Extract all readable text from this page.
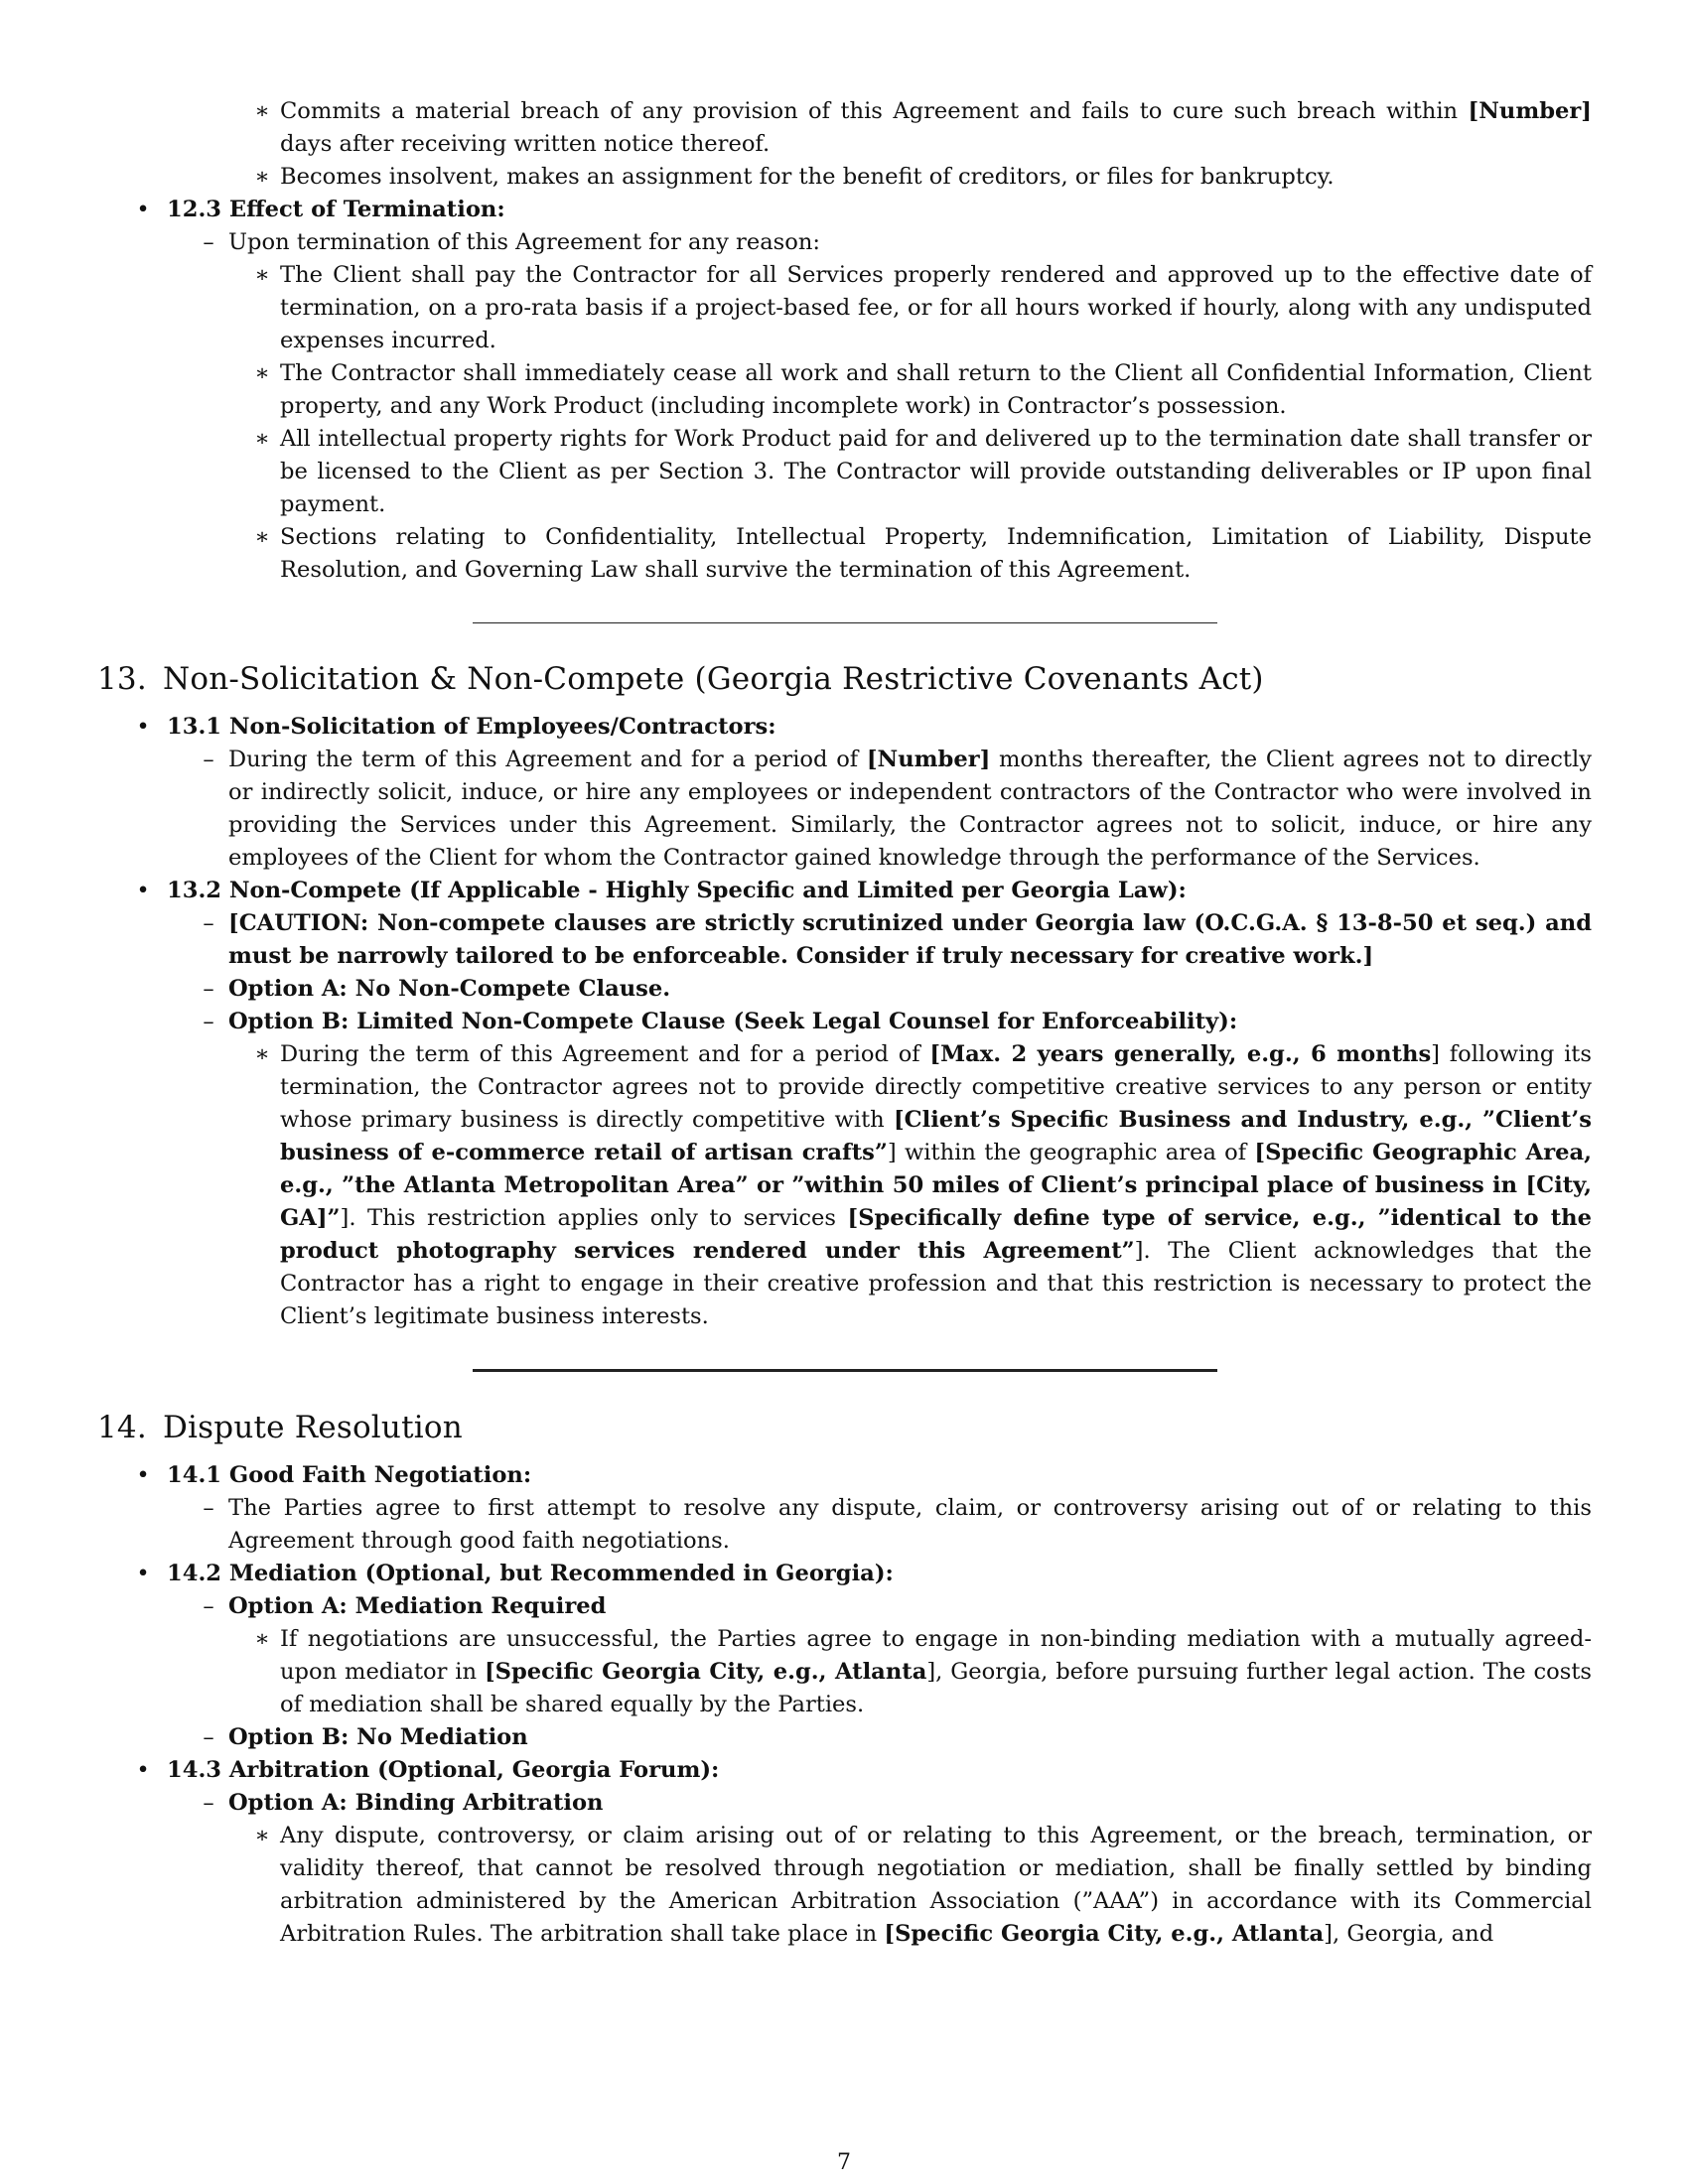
∗ Commits a material breach of any provision of this Agreement and fails to cure such breach within [Number] days after receiving written notice thereof.
∗ Becomes insolvent, makes an assignment for the benefit of creditors, or files for bankruptcy.
• 12.3 Effect of Termination:
– Upon termination of this Agreement for any reason:
∗ The Client shall pay the Contractor for all Services properly rendered and approved up to the effective date of termination, on a pro-rata basis if a project-based fee, or for all hours worked if hourly, along with any undisputed expenses incurred.
∗ The Contractor shall immediately cease all work and shall return to the Client all Confidential Information, Client property, and any Work Product (including incomplete work) in Contractor’s possession.
∗ All intellectual property rights for Work Product paid for and delivered up to the termination date shall transfer or be licensed to the Client as per Section 3. The Contractor will provide outstanding deliverables or IP upon final payment.
∗ Sections relating to Confidentiality, Intellectual Property, Indemnification, Limitation of Liability, Dispute Resolution, and Governing Law shall survive the termination of this Agreement.
13. Non-Solicitation & Non-Compete (Georgia Restrictive Covenants Act)
• 13.1 Non-Solicitation of Employees/Contractors:
– During the term of this Agreement and for a period of [Number] months thereafter, the Client agrees not to directly or indirectly solicit, induce, or hire any employees or independent contractors of the Contractor who were involved in providing the Services under this Agreement. Similarly, the Contractor agrees not to solicit, induce, or hire any employees of the Client for whom the Contractor gained knowledge through the performance of the Services.
• 13.2 Non-Compete (If Applicable - Highly Specific and Limited per Georgia Law):
– [CAUTION: Non-compete clauses are strictly scrutinized under Georgia law (O.C.G.A. § 13-8-50 et seq.) and must be narrowly tailored to be enforceable. Consider if truly necessary for creative work.]
– Option A: No Non-Compete Clause.
– Option B: Limited Non-Compete Clause (Seek Legal Counsel for Enforceability):
∗ During the term of this Agreement and for a period of [Max. 2 years generally, e.g., 6 months] following its termination, the Contractor agrees not to provide directly competitive creative services to any person or entity whose primary business is directly competitive with [Client’s Specific Business and Industry, e.g., ”Client’s business of e-commerce retail of artisan crafts”] within the geographic area of [Specific Geographic Area, e.g., ”the Atlanta Metropolitan Area” or ”within 50 miles of Client’s principal place of business in [City, GA]”]. This restriction applies only to services [Specifically define type of service, e.g., ”identical to the product photography services rendered under this Agreement”]. The Client acknowledges that the Contractor has a right to engage in their creative profession and that this restriction is necessary to protect the Client’s legitimate business interests.
14. Dispute Resolution
• 14.1 Good Faith Negotiation:
– The Parties agree to first attempt to resolve any dispute, claim, or controversy arising out of or relating to this Agreement through good faith negotiations.
• 14.2 Mediation (Optional, but Recommended in Georgia):
– Option A: Mediation Required
∗ If negotiations are unsuccessful, the Parties agree to engage in non-binding mediation with a mutually agreed-upon mediator in [Specific Georgia City, e.g., Atlanta], Georgia, before pursuing further legal action. The costs of mediation shall be shared equally by the Parties.
– Option B: No Mediation
• 14.3 Arbitration (Optional, Georgia Forum):
– Option A: Binding Arbitration
∗ Any dispute, controversy, or claim arising out of or relating to this Agreement, or the breach, termination, or validity thereof, that cannot be resolved through negotiation or mediation, shall be finally settled by binding arbitration administered by the American Arbitration Association (”AAA”) in accordance with its Commercial Arbitration Rules. The arbitration shall take place in [Specific Georgia City, e.g., Atlanta], Georgia, and
7
